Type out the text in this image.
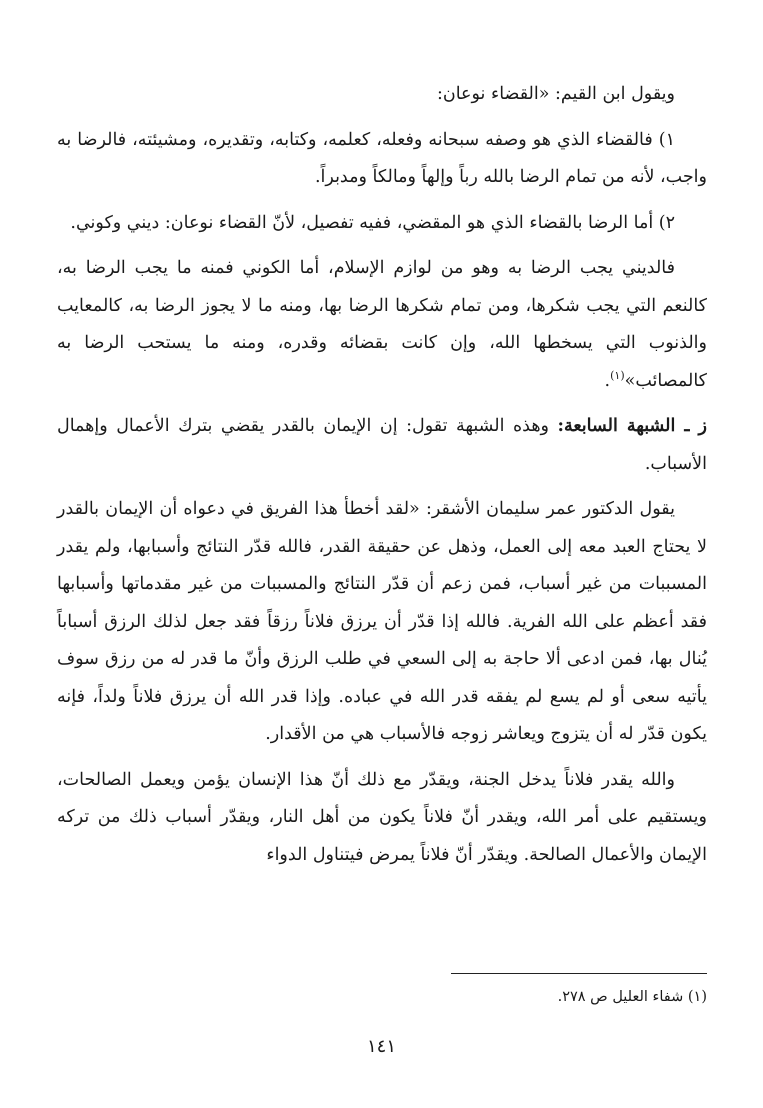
ويقول ابن القيم: «القضاء نوعان:

١) فالقضاء الذي هو وصفه سبحانه وفعله، كعلمه، وكتابه، وتقديره، ومشيئته، فالرضا به واجب، لأنه من تمام الرضا بالله رباً وإلهاً ومالكاً ومدبراً.

٢) أما الرضا بالقضاء الذي هو المقضي، ففيه تفصيل، لأنّ القضاء نوعان: ديني وكوني.

فالديني يجب الرضا به وهو من لوازم الإسلام، أما الكوني فمنه ما يجب الرضا به، كالنعم التي يجب شكرها، ومن تمام شكرها الرضا بها، ومنه ما لا يجوز الرضا به، كالمعايب والذنوب التي يسخطها الله، وإن كانت بقضائه وقدره، ومنه ما يستحب الرضا به كالمصائب»$^{(١)}$.

ز ـ الشبهة السابعة: وهذه الشبهة تقول: إن الإيمان بالقدر يقضي بترك الأعمال وإهمال الأسباب.

يقول الدكتور عمر سليمان الأشقر: «لقد أخطأ هذا الفريق في دعواه أن الإيمان بالقدر لا يحتاج العبد معه إلى العمل، وذهل عن حقيقة القدر، فالله قدّر النتائج وأسبابها، ولم يقدر المسببات من غير أسباب، فمن زعم أن قدّر النتائج والمسببات من غير مقدماتها وأسبابها فقد أعظم على الله الفرية. فالله إذا قدّر أن يرزق فلاناً رزقاً فقد جعل لذلك الرزق أسباباً يُنال بها، فمن ادعى ألا حاجة به إلى السعي في طلب الرزق وأنّ ما قدر له من رزق سوف يأتيه سعى أو لم يسع لم يفقه قدر الله في عباده. وإذا قدر الله أن يرزق فلاناً ولداً، فإنه يكون قدّر له أن يتزوج ويعاشر زوجه فالأسباب هي من الأقدار.

والله يقدر فلاناً يدخل الجنة، ويقدّر مع ذلك أنّ هذا الإنسان يؤمن ويعمل الصالحات، ويستقيم على أمر الله، ويقدر أنّ فلاناً يكون من أهل النار، ويقدّر أسباب ذلك من تركه الإيمان والأعمال الصالحة. ويقدّر أنّ فلاناً يمرض فيتناول الدواء

(١) شفاء العليل ص ٢٧٨.
١٤١
